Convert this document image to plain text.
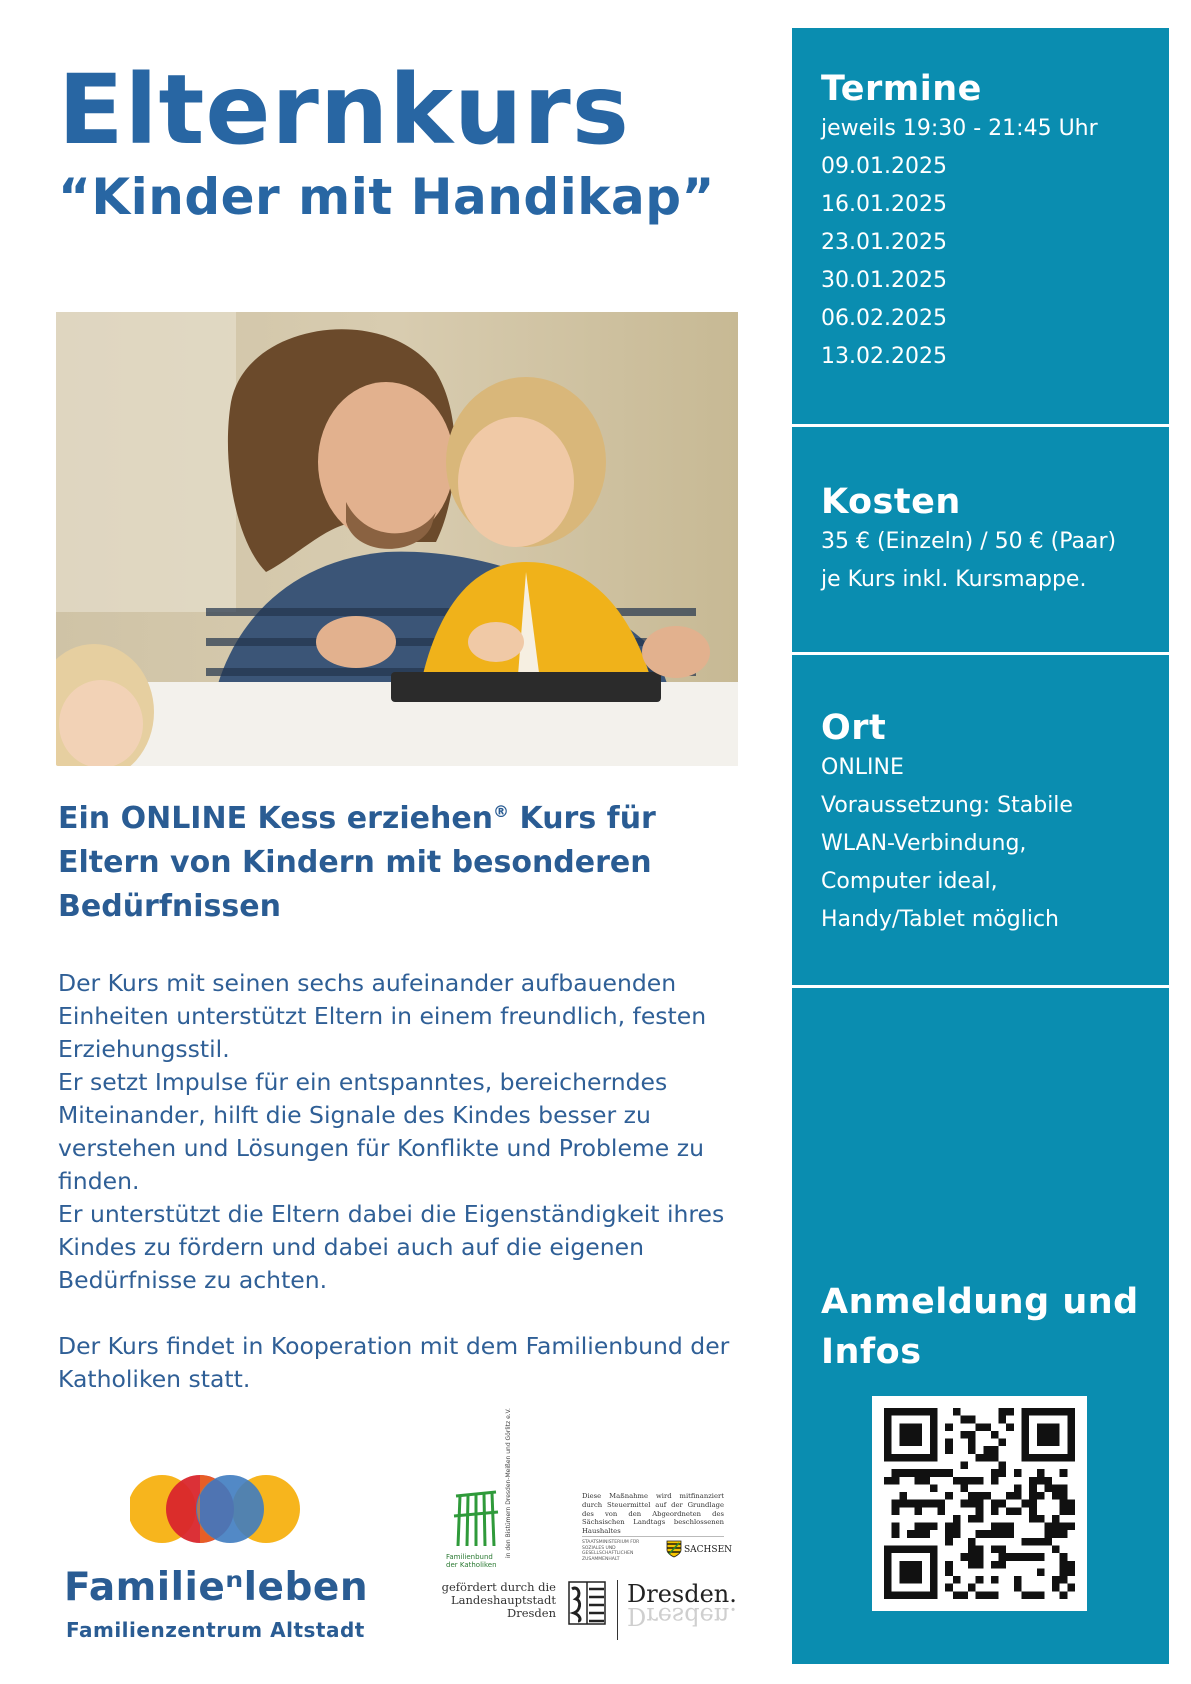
Elternkurs
“Kinder mit Handikap”
Ein ONLINE Kess erziehen® Kurs für Eltern von Kindern mit besonderen Bedürfnissen

Der Kurs mit seinen sechs aufeinander aufbauenden Einheiten unterstützt Eltern in einem freundlich, festen Erziehungsstil.

Er setzt Impulse für ein entspanntes, bereicherndes Miteinander, hilft die Signale des Kindes besser zu verstehen und Lösungen für Konflikte und Probleme zu finden.

Er unterstützt die Eltern dabei die Eigenständigkeit ihres Kindes zu fördern und dabei auch auf die eigenen Bedürfnisse zu achten.

Der Kurs findet in Kooperation mit dem Familienbund der Katholiken statt.

Familieⁿleben
Familienzentrum Altstadt
in den Bistümern Dresden-Meißen und Görlitz e.V.
Familienbund der Katholiken
Diese Maßnahme wird mitfinanziert durch Steuermittel auf der Grundlage des von den Abgeordneten des Sächsischen Landtags beschlossenen Haushaltes
STAATSMINISTERIUM FÜR SOZIALES UND GESELLSCHAFTLICHEN ZUSAMMENHALT
SACHSEN
gefördert durch die Landeshauptstadt Dresden
Dresden.
Dresden.
Termine
jeweils 19:30 - 21:45 Uhr
09.01.2025
16.01.2025
23.01.2025
30.01.2025
06.02.2025
13.02.2025
Kosten
35 € (Einzeln) / 50 € (Paar)
je Kurs inkl. Kursmappe.
Ort
ONLINE
Voraussetzung: Stabile
WLAN-Verbindung,
Computer ideal,
Handy/Tablet möglich
Anmeldung und
Infos
